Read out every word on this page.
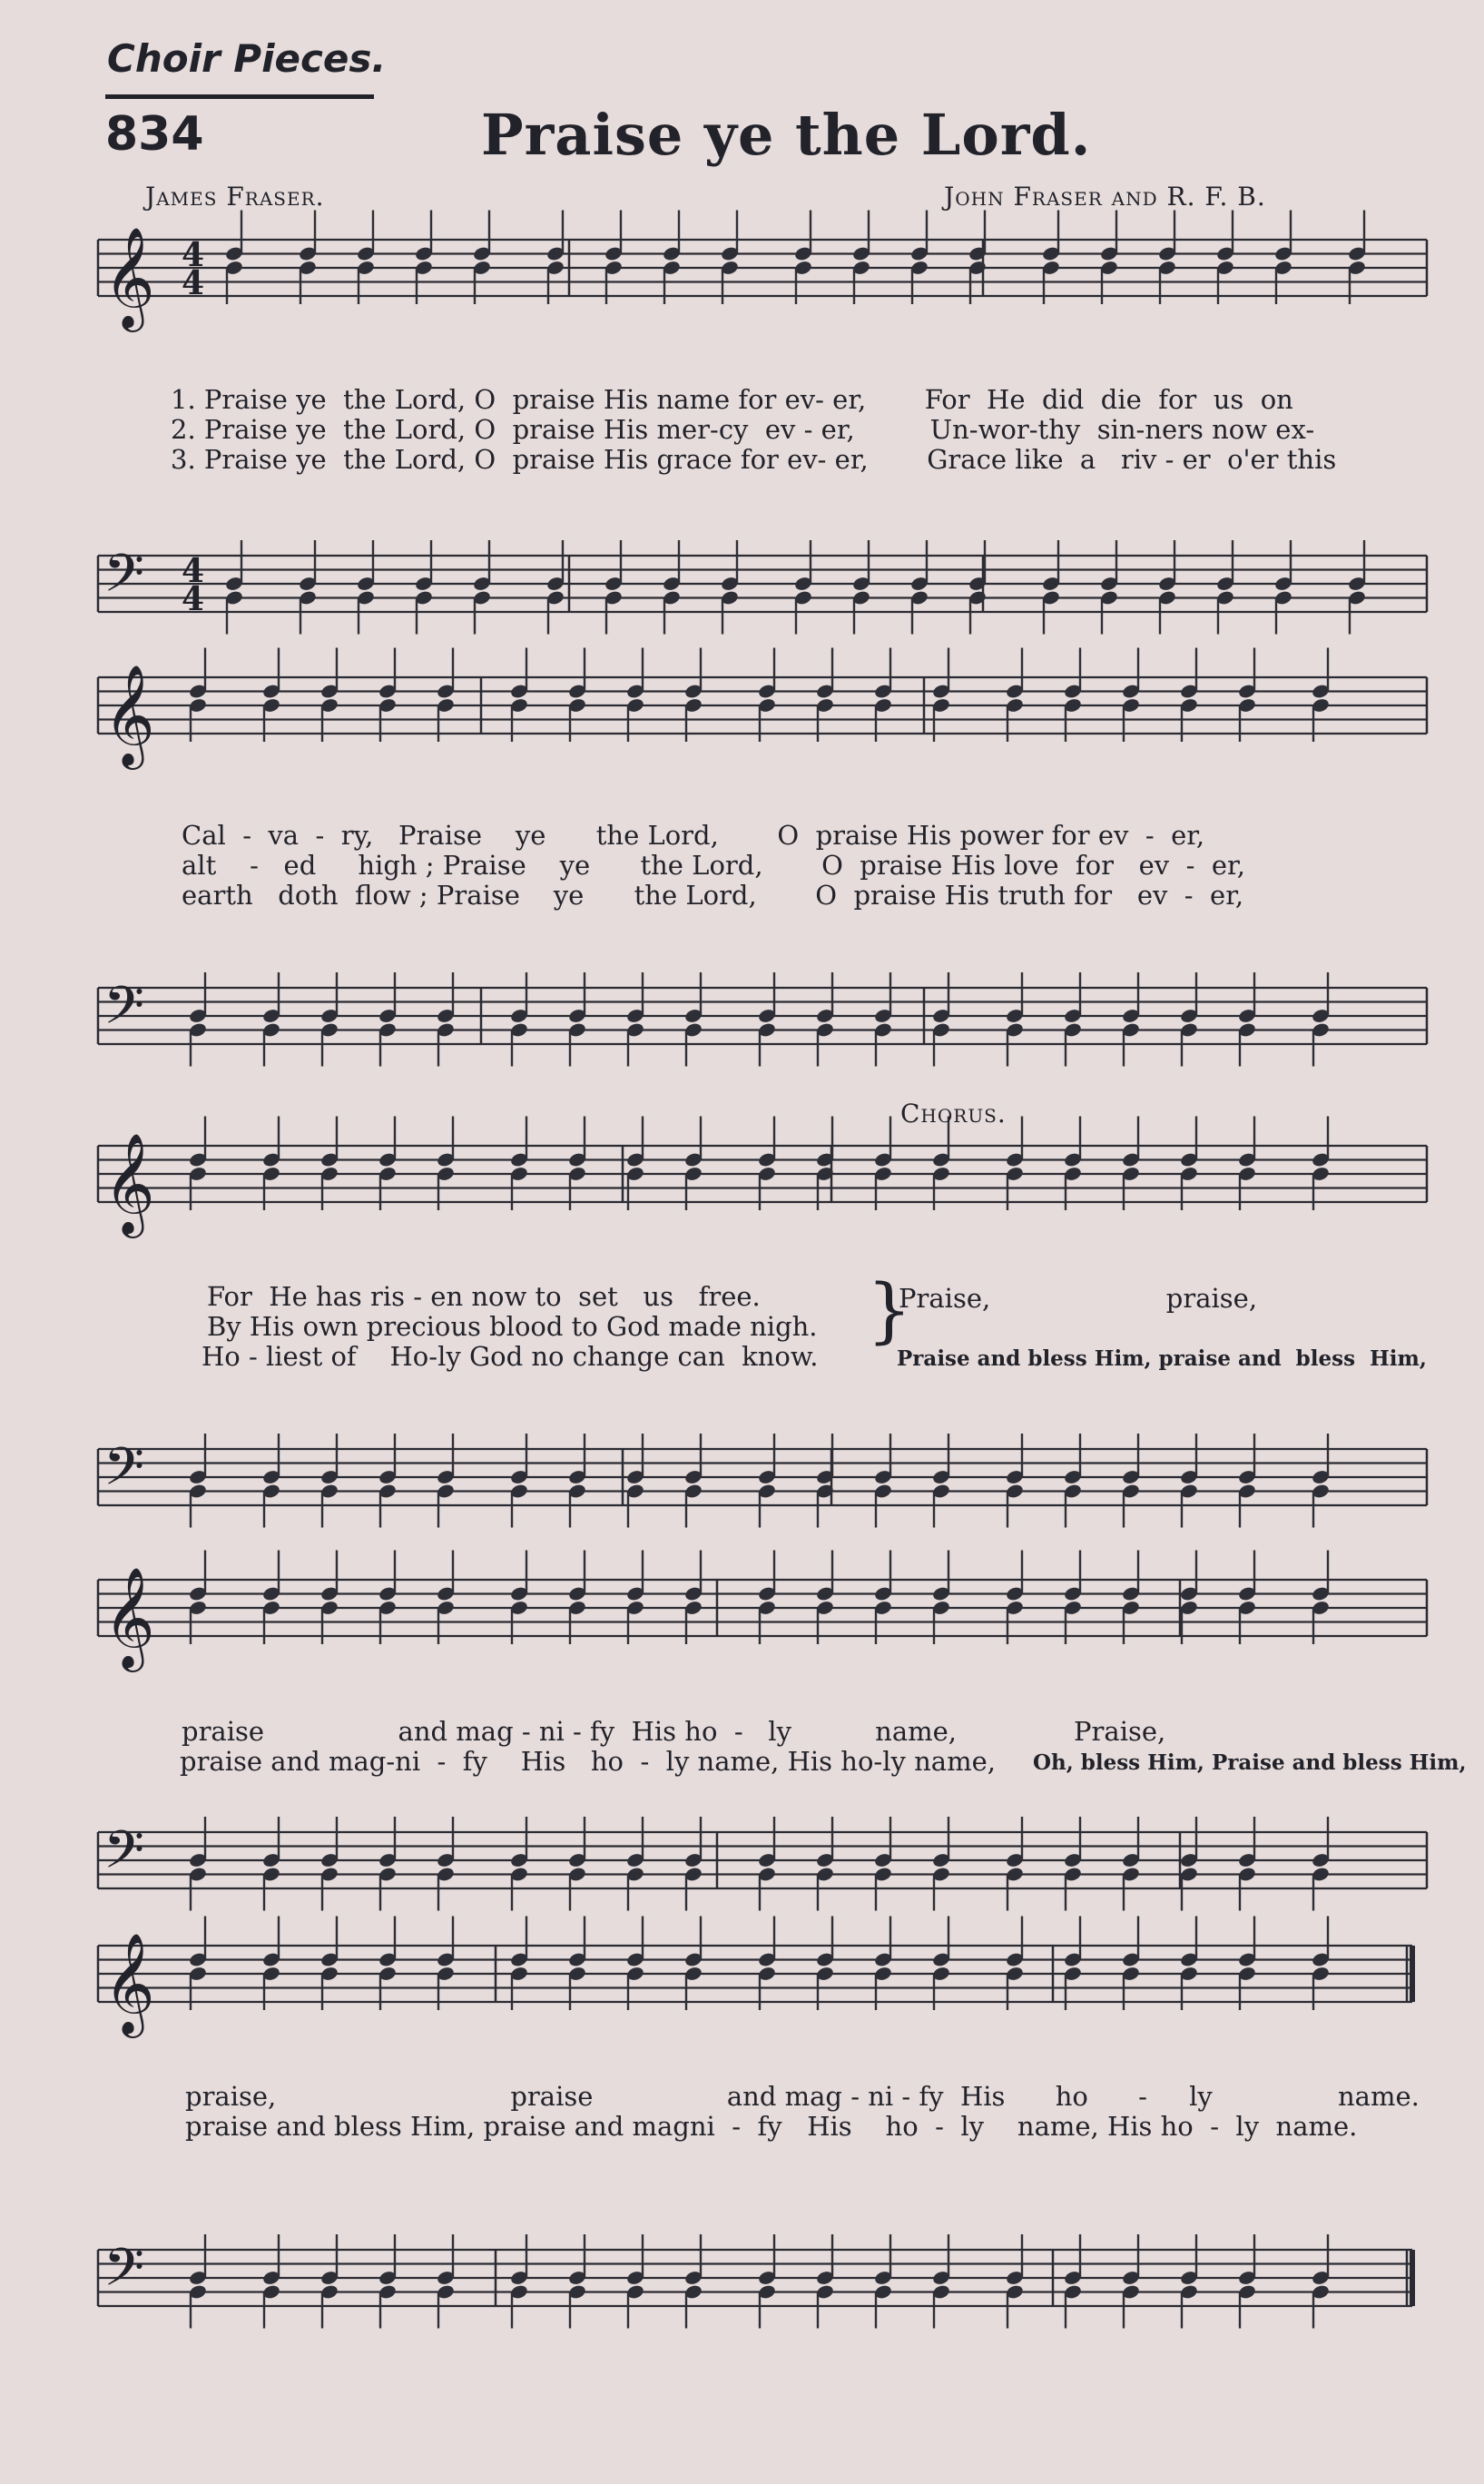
Choir Pieces.
834	Praise ye the Lord.
James Fraser.	John Fraser and R. F. B.
𝄞
𝄢
4
4
4
4
𝄞
𝄢
𝄞
𝄢
𝄞
𝄢
𝄞
𝄢
1. Praise ye  the Lord, O  praise His name for ev- er,       For  He  did  die  for  us  on
2. Praise ye  the Lord, O  praise His mer-cy  ev - er,         Un-wor-thy  sin-ners now ex-
3. Praise ye  the Lord, O  praise His grace for ev- er,       Grace like  a   riv - er  o'er this
Cal  -  va  -  ry,   Praise    ye      the Lord,       O  praise His power for ev  -  er,
alt    -   ed     high ; Praise    ye      the Lord,       O  praise His love  for   ev  -  er,
earth   doth  flow ; Praise    ye      the Lord,       O  praise His truth for   ev  -  er,
Chorus.
For  He has ris - en now to  set   us   free.
By His own precious blood to God made nigh.
Ho - liest of    Ho-ly God no change can  know.
}
Praise,                     praise,
Praise and bless Him, praise and  bless  Him,
praise                and mag - ni - fy  His ho  -   ly          name,              Praise,
praise and mag-ni  -  fy    His   ho  -  ly name, His ho-ly name, Oh, bless Him, Praise and bless Him,
praise,                            praise                and mag - ni - fy  His      ho      -     ly               name.
praise and bless Him, praise and magni  -  fy   His    ho  -  ly    name, His ho  -  ly  name.
